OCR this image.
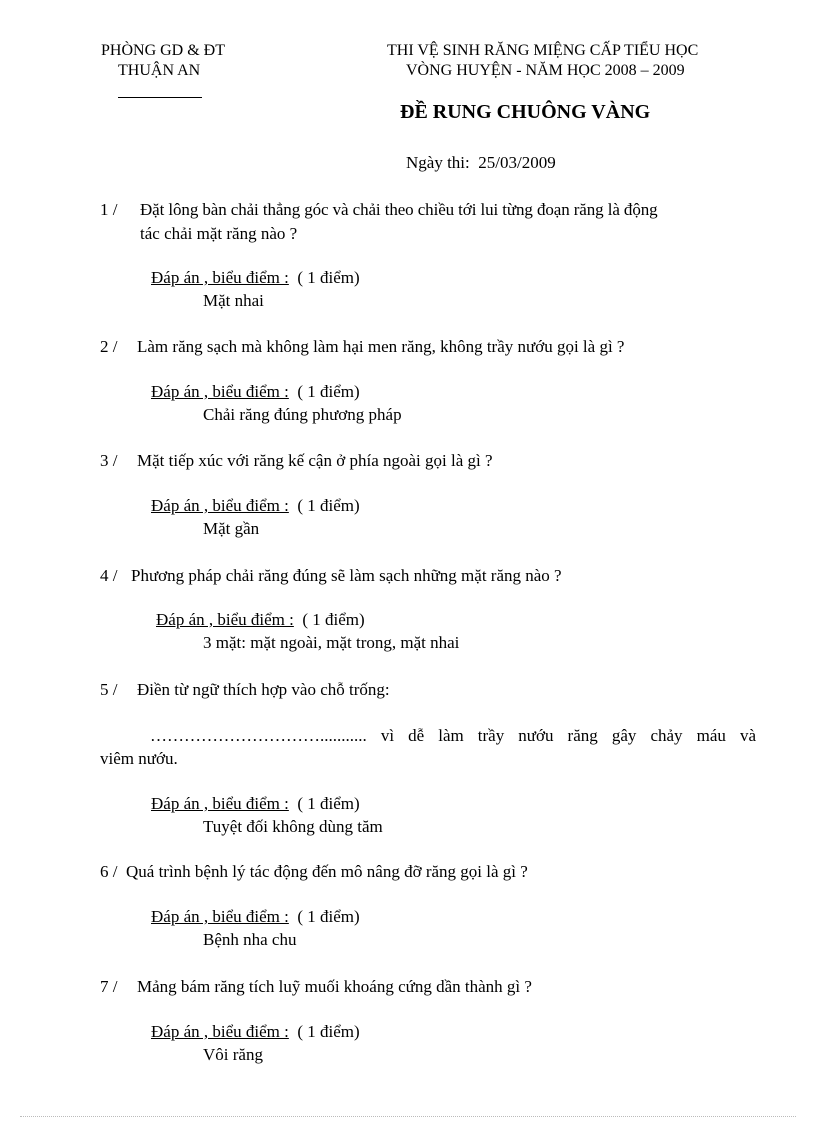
PHÒNG GD & ĐT
THUẬN AN
THI VỆ SINH RĂNG MIỆNG CẤP TIỂU HỌC
VÒNG HUYỆN - NĂM HỌC 2008 – 2009
ĐỀ RUNG CHUÔNG VÀNG
Ngày thi: 25/03/2009
1 /	Đặt lông bàn chải thẳng góc và chải theo chiều tới lui từng đoạn răng là động
tác chải mặt răng nào ?
Đáp án , biểu điểm : ( 1 điểm)
Mặt nhai
2 /	Làm răng sạch mà không làm hại men răng, không trầy nướu gọi là gì ?
Đáp án , biểu điểm : ( 1 điểm)
Chải răng đúng phương pháp
3 /	Mặt tiếp xúc với răng kế cận ở phía ngoài gọi là gì ?
Đáp án , biểu điểm : ( 1 điểm)
Mặt gần
4 / Phương pháp chải răng đúng sẽ làm sạch những mặt răng nào ?
Đáp án , biểu điểm : ( 1 điểm)
3 mặt: mặt ngoài, mặt trong, mặt nhai
5 /	Điền từ ngữ thích hợp vào chỗ trống:
…………………………........... vì dễ làm trầy nướu răng gây chảy máu và
viêm nướu.
Đáp án , biểu điểm : ( 1 điểm)
Tuyệt đối không dùng tăm
6 / Quá trình bệnh lý tác động đến mô nâng đỡ răng gọi là gì ?
Đáp án , biểu điểm : ( 1 điểm)
Bệnh nha chu
7 /	Mảng bám răng tích luỹ muối khoáng cứng dần thành gì ?
Đáp án , biểu điểm : ( 1 điểm)
Vôi răng
